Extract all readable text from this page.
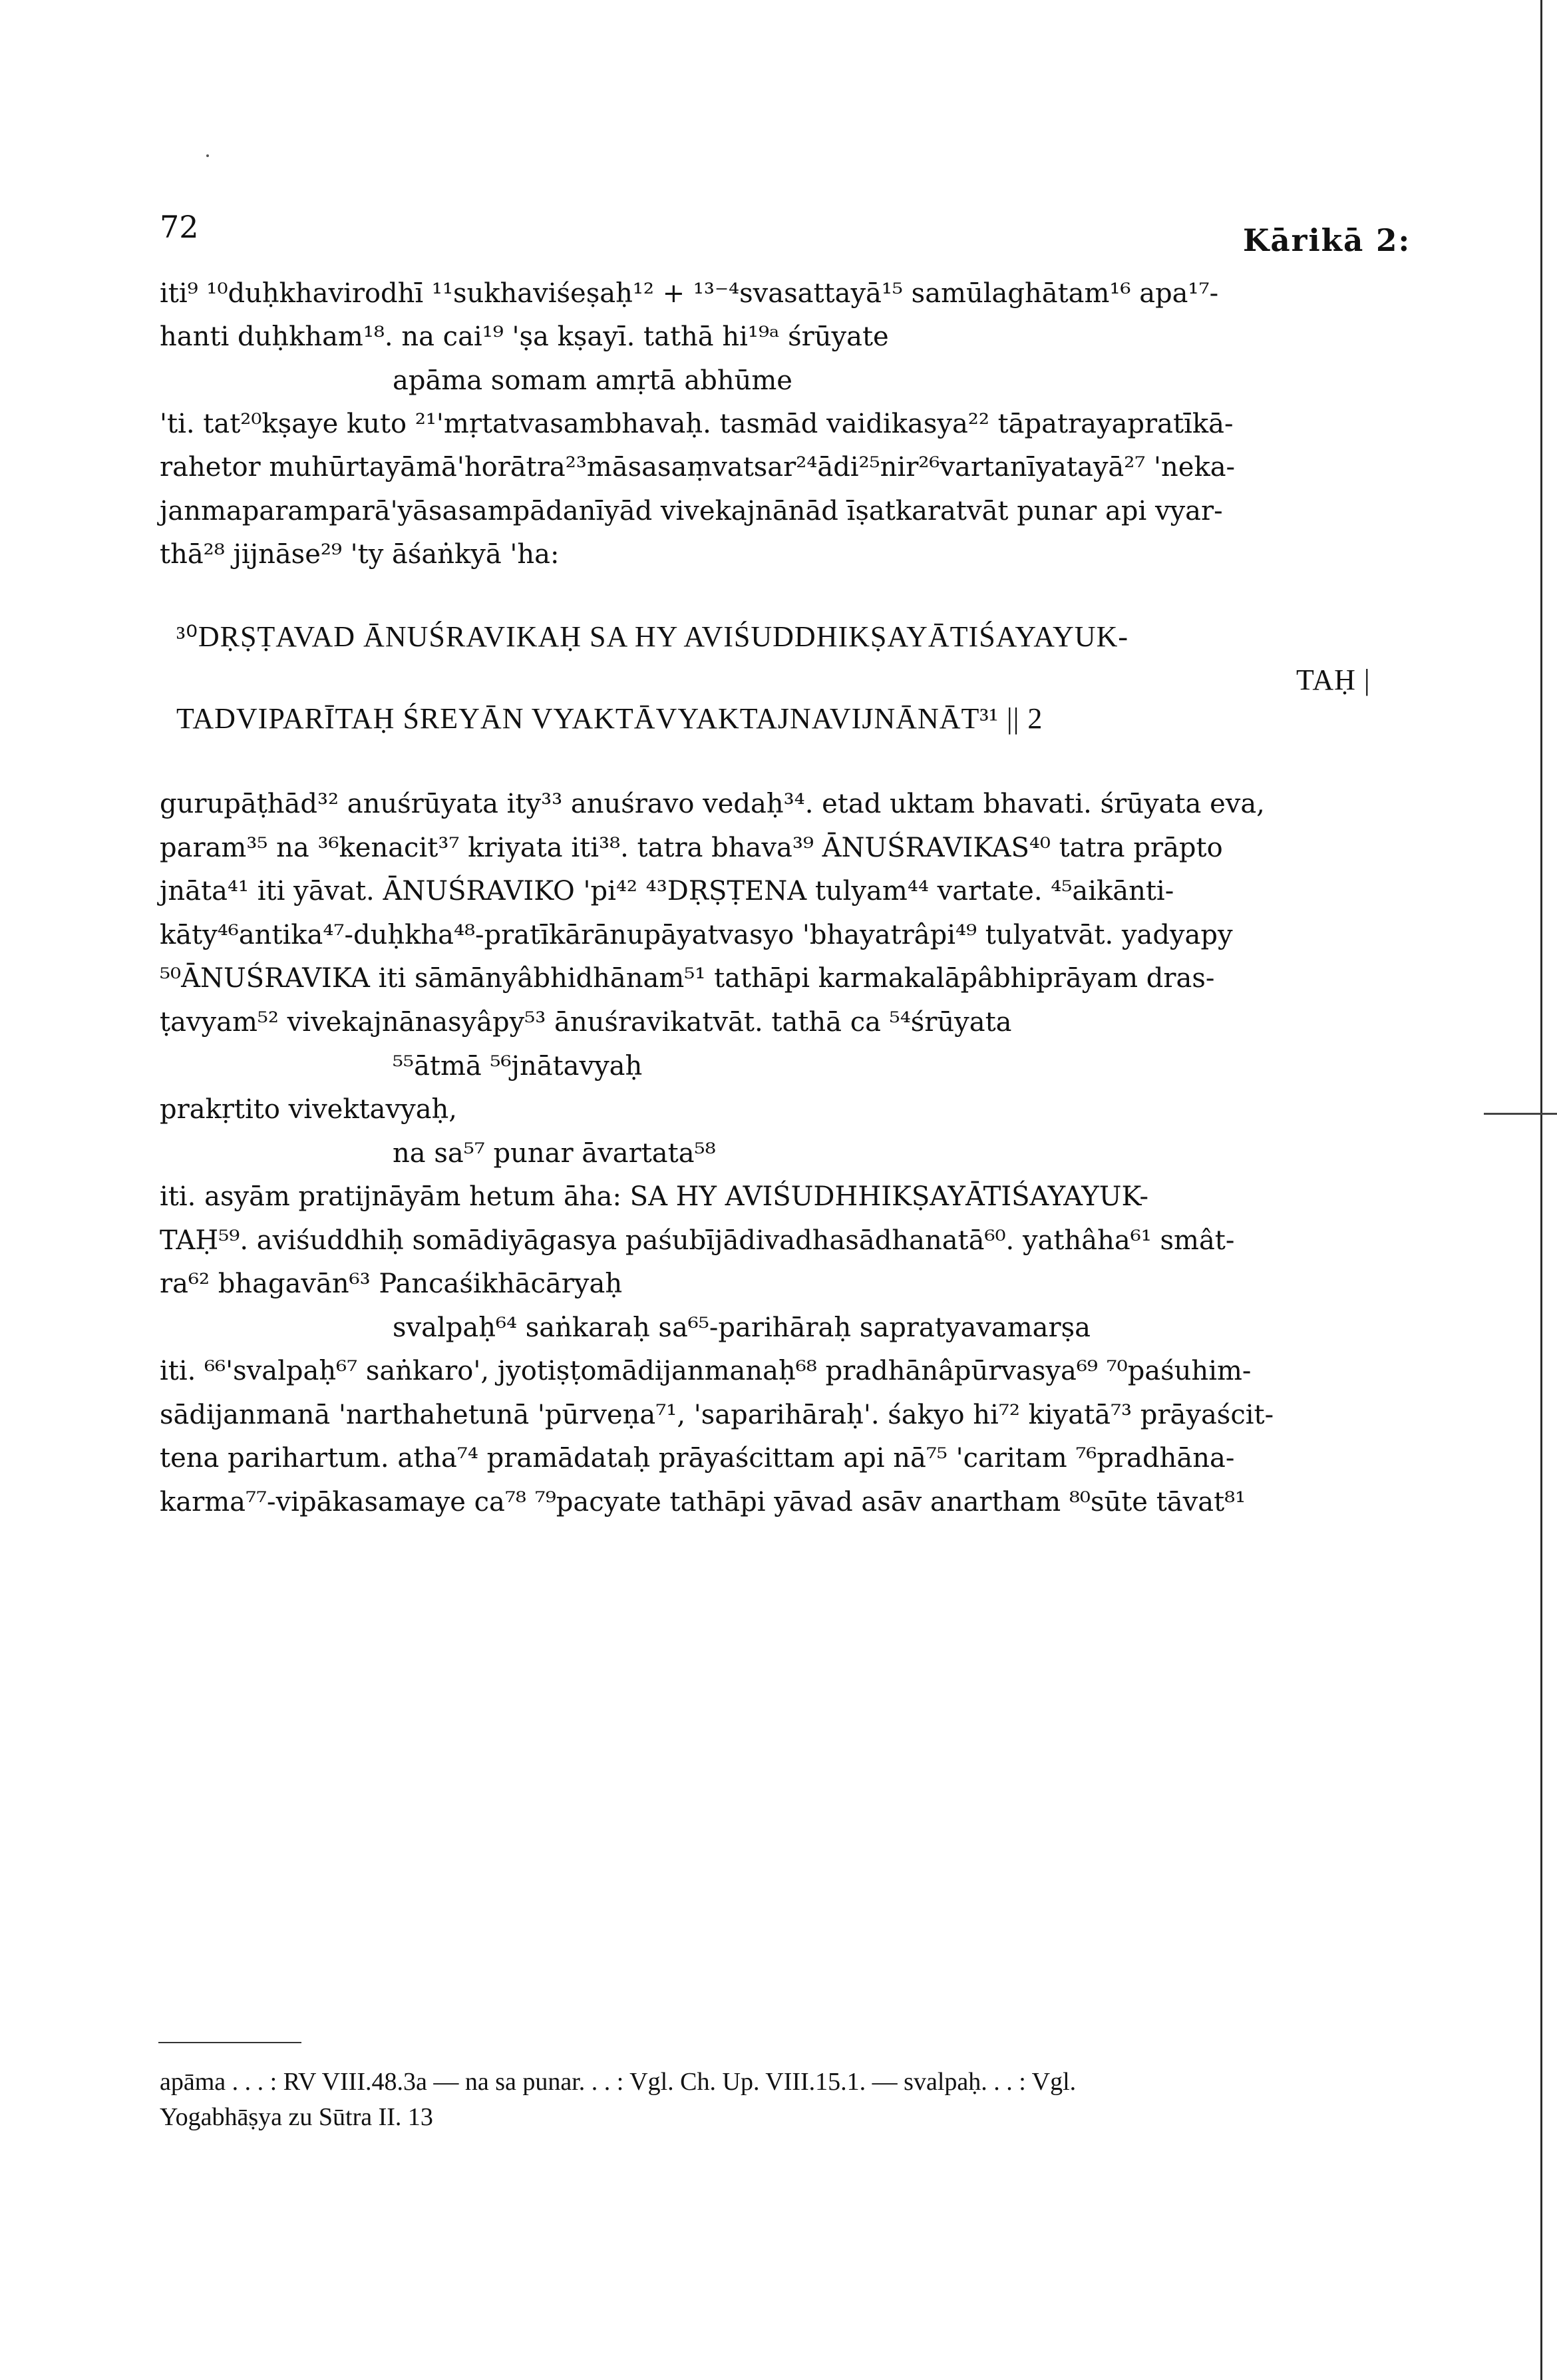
72	Kārikā 2:
iti⁹ ¹⁰duḥkhavirodhī ¹¹sukhaviśeṣaḥ¹² + ¹³⁻⁴svasattayā¹⁵ samūlaghātam¹⁶ apa¹⁷-
hanti duḥkham¹⁸. na cai¹⁹ 'ṣa kṣayī. tathā hi¹⁹ᵃ śrūyate
apāma somam amṛtā abhūme
'ti. tat²⁰kṣaye kuto ²¹'mṛtatvasambhavaḥ. tasmād vaidikasya²² tāpatrayapratīkā-
rahetor muhūrtayāmā'horātra²³māsasaṃvatsar²⁴ādi²⁵nir²⁶vartanīyatayā²⁷ 'neka-
janmaparamparā'yāsasampādanīyād vivekajnānād īṣatkaratvāt punar api vyar-
thā²⁸ jijnāse²⁹ 'ty āśaṅkyā 'ha:
³⁰DṚṢṬAVAD ĀNUŚRAVIKAḤ SA HY AVIŚUDDHIKṢAYĀTIŚAYAYUK-
TAḤ |
TADVIPARĪTAḤ ŚREYĀN VYAKTĀVYAKTAJNAVIJNĀNĀT³¹ || 2
gurupāṭhād³² anuśrūyata ity³³ anuśravo vedaḥ³⁴. etad uktam bhavati. śrūyata eva,
param³⁵ na ³⁶kenacit³⁷ kriyata iti³⁸. tatra bhava³⁹ ĀNUŚRAVIKAS⁴⁰ tatra prāpto
jnāta⁴¹ iti yāvat. ĀNUŚRAVIKO 'pi⁴² ⁴³DṚṢṬENA tulyam⁴⁴ vartate. ⁴⁵aikānti-
kāty⁴⁶antika⁴⁷-duḥkha⁴⁸-pratīkārānupāyatvasyo 'bhayatrâpi⁴⁹ tulyatvāt. yadyapy
⁵⁰ĀNUŚRAVIKA iti sāmānyâbhidhānam⁵¹ tathāpi karmakalāpâbhiprāyam dras-
ṭavyam⁵² vivekajnānasyâpy⁵³ ānuśravikatvāt. tathā ca ⁵⁴śrūyata
⁵⁵ātmā ⁵⁶jnātavyaḥ
prakṛtito vivektavyaḥ,
na sa⁵⁷ punar āvartata⁵⁸
iti. asyām pratijnāyām hetum āha: SA HY AVIŚUDHHIKṢAYĀTIŚAYAYUK-
TAḤ⁵⁹. aviśuddhiḥ somādiyāgasya paśubījādivadhasādhanatā⁶⁰. yathâha⁶¹ smât-
ra⁶² bhagavān⁶³ Pancaśikhācāryaḥ
svalpaḥ⁶⁴ saṅkaraḥ sa⁶⁵-parihāraḥ sapratyavamarṣa
iti. ⁶⁶'svalpaḥ⁶⁷ saṅkaro', jyotiṣṭomādijanmanaḥ⁶⁸ pradhānâpūrvasya⁶⁹ ⁷⁰paśuhim-
sādijanmanā 'narthahetunā 'pūrveṇa⁷¹, 'saparihāraḥ'. śakyo hi⁷² kiyatā⁷³ prāyaścit-
tena parihartum. atha⁷⁴ pramādataḥ prāyaścittam api nā⁷⁵ 'caritam ⁷⁶pradhāna-
karma⁷⁷-vipākasamaye ca⁷⁸ ⁷⁹pacyate tathāpi yāvad asāv anartham ⁸⁰sūte tāvat⁸¹
apāma . . . : RV VIII.48.3a — na sa punar. . . : Vgl. Ch. Up. VIII.15.1. — svalpaḥ. . . : Vgl.
Yogabhāṣya zu Sūtra II. 13
